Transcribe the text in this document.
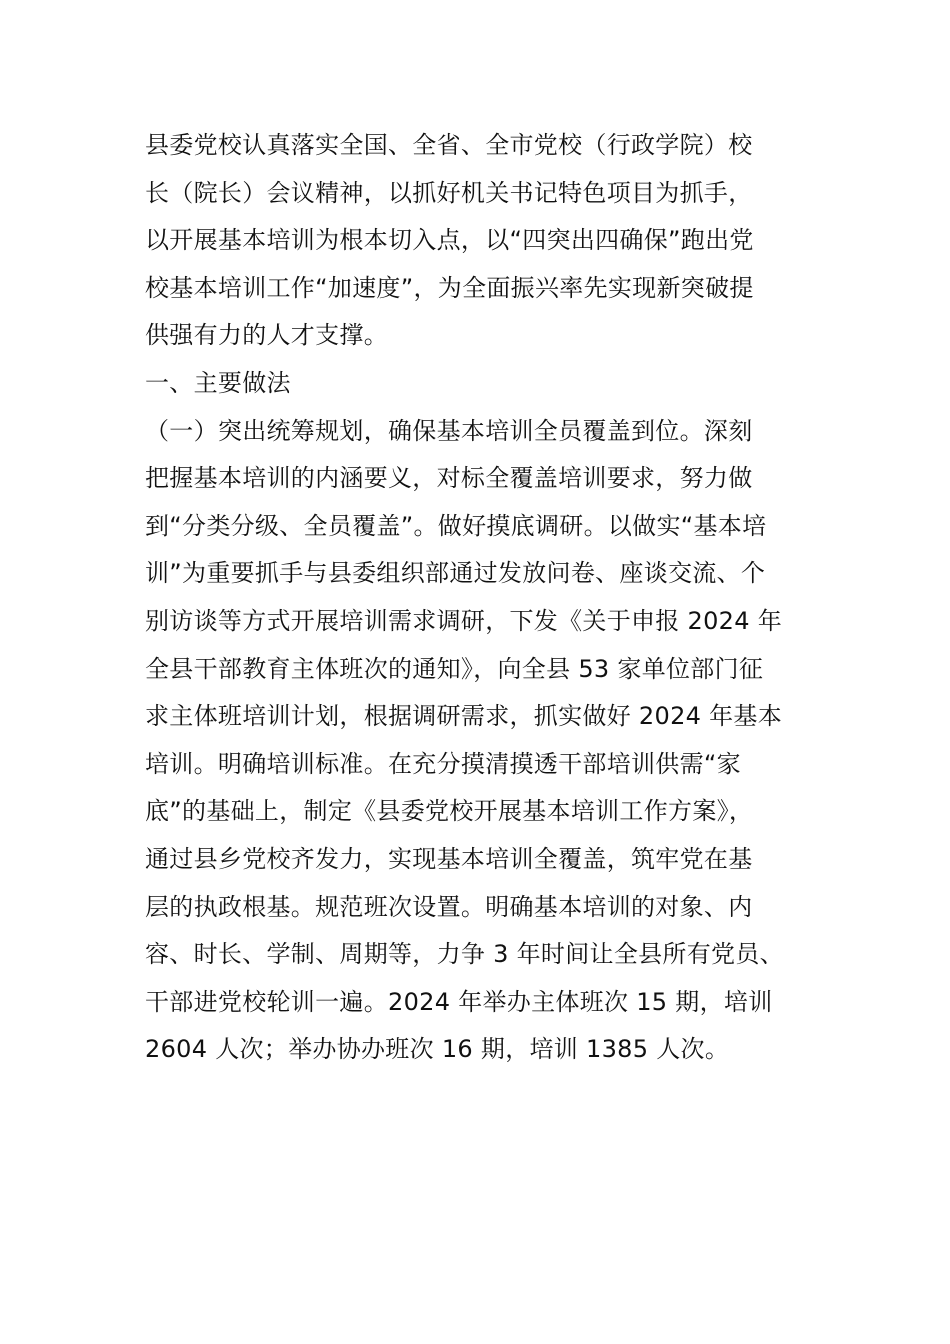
县委党校认真落实全国、全省、全市党校（行政学院）校
长（院长）会议精神，以抓好机关书记特色项目为抓手，
以开展基本培训为根本切入点，以“四突出四确保”跑出党
校基本培训工作“加速度”，为全面振兴率先实现新突破提
供强有力的人才支撑。
一、主要做法
（一）突出统筹规划，确保基本培训全员覆盖到位。深刻
把握基本培训的内涵要义，对标全覆盖培训要求，努力做
到“分类分级、全员覆盖”。做好摸底调研。以做实“基本培
训”为重要抓手与县委组织部通过发放问卷、座谈交流、个
别访谈等方式开展培训需求调研，下发《关于申报 2024 年
全县干部教育主体班次的通知》，向全县 53 家单位部门征
求主体班培训计划，根据调研需求，抓实做好 2024 年基本
培训。明确培训标准。在充分摸清摸透干部培训供需“家
底”的基础上，制定《县委党校开展基本培训工作方案》，
通过县乡党校齐发力，实现基本培训全覆盖，筑牢党在基
层的执政根基。规范班次设置。明确基本培训的对象、内
容、时长、学制、周期等，力争 3 年时间让全县所有党员、
干部进党校轮训一遍。2024 年举办主体班次 15 期，培训
2604 人次；举办协办班次 16 期，培训 1385 人次。
